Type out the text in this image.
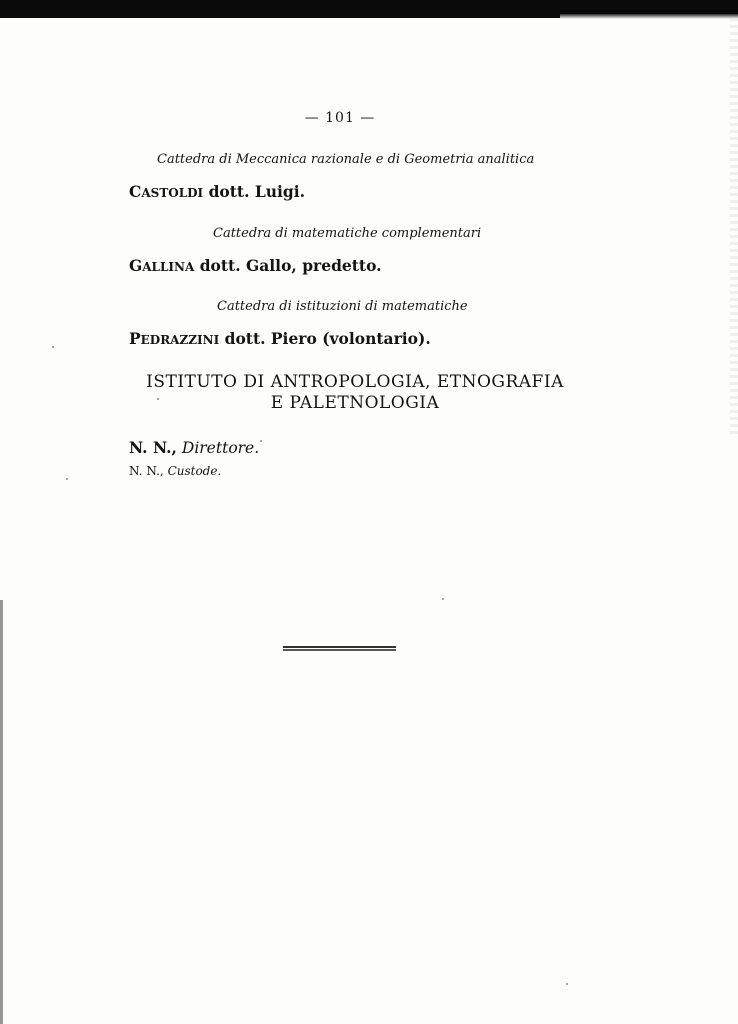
— 101 —
Cattedra di Meccanica razionale e di Geometria analitica
CASTOLDI dott. Luigi.
Cattedra di matematiche complementari
GALLINA dott. Gallo, predetto.
Cattedra di istituzioni di matematiche
PEDRAZZINI dott. Piero (volontario).
ISTITUTO DI ANTROPOLOGIA, ETNOGRAFIA
E PALETNOLOGIA
N. N., Direttore.
N. N., Custode.
